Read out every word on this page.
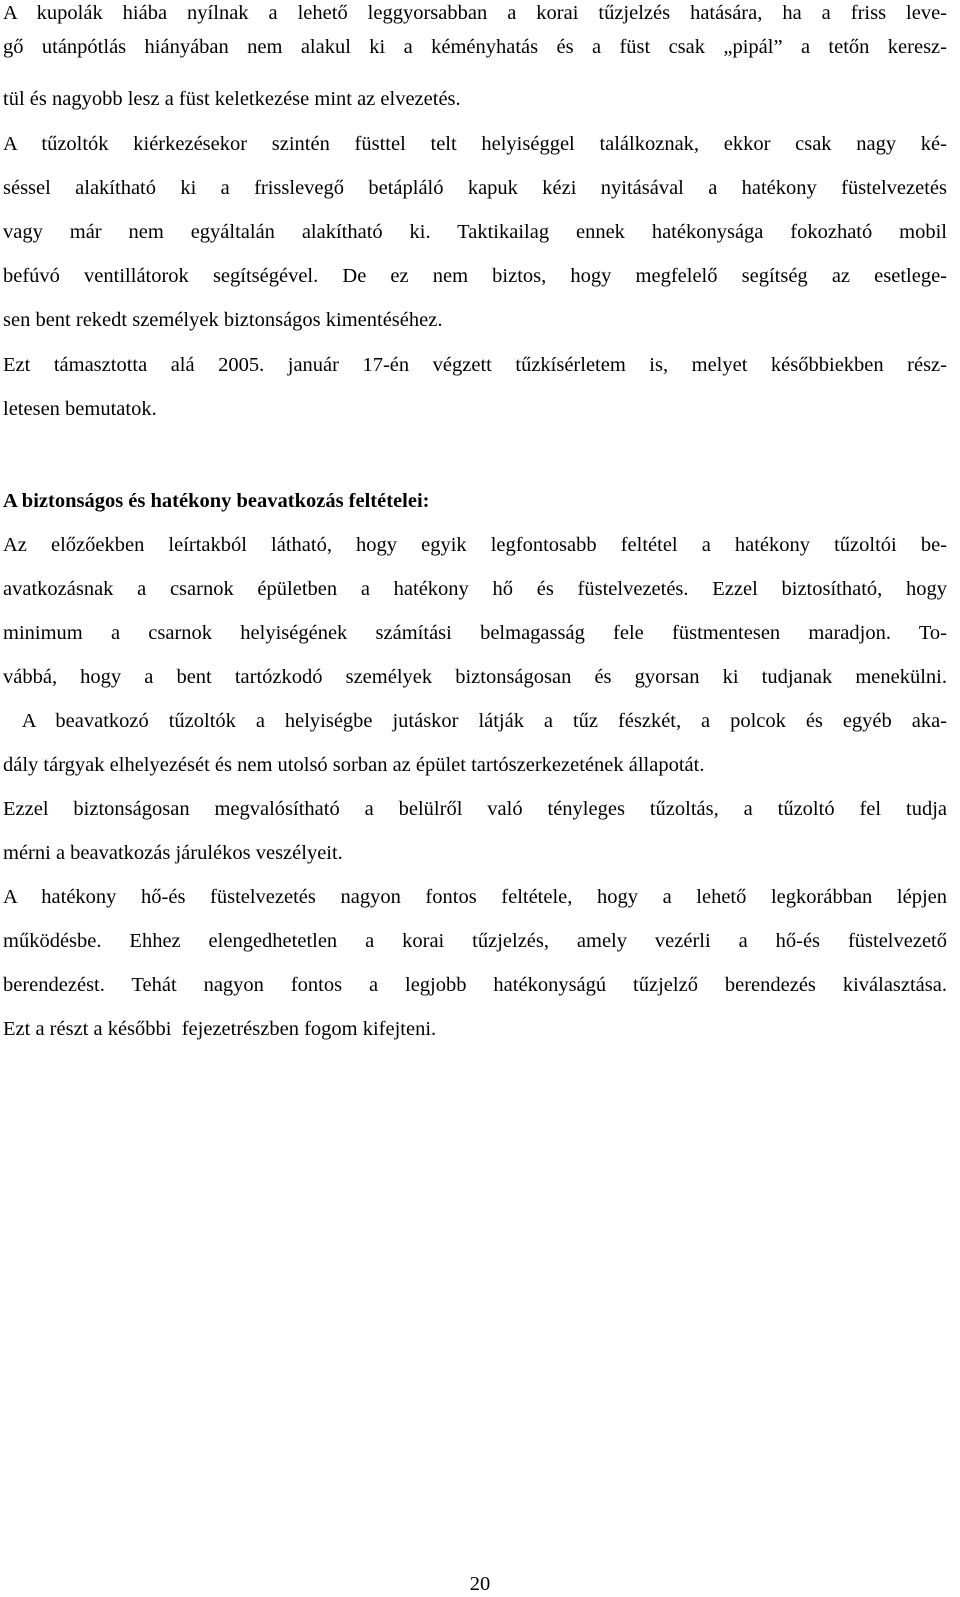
A kupolák hiába nyílnak a lehető leggyorsabban a korai tűzjelzés hatására, ha a friss leve-
gő utánpótlás hiányában nem alakul ki a kéményhatás és a füst csak „pipál” a tetőn keresz-
tül és nagyobb lesz a füst keletkezése mint az elvezetés.
A tűzoltók kiérkezésekor szintén füsttel telt helyiséggel találkoznak, ekkor csak nagy ké-
séssel alakítható ki a frisslevegő betápláló kapuk kézi nyitásával a hatékony füstelvezetés
vagy már nem egyáltalán alakítható ki. Taktikailag ennek hatékonysága fokozható mobil
befúvó ventillátorok segítségével. De ez nem biztos, hogy megfelelő segítség az esetlege-
sen bent rekedt személyek biztonságos kimentéséhez.
Ezt támasztotta alá 2005. január 17-én végzett tűzkísérletem is, melyet későbbiekben rész-
letesen bemutatok.
A biztonságos és hatékony beavatkozás feltételei:
Az előzőekben leírtakból látható, hogy egyik legfontosabb feltétel a hatékony tűzoltói be-
avatkozásnak a csarnok épületben a hatékony hő és füstelvezetés. Ezzel biztosítható, hogy
minimum a csarnok helyiségének számítási belmagasság fele füstmentesen maradjon. To-
vábbá, hogy a bent tartózkodó személyek biztonságosan és gyorsan ki tudjanak menekülni.
A beavatkozó tűzoltók a helyiségbe jutáskor látják a tűz fészkét, a polcok és egyéb aka-
dály tárgyak elhelyezését és nem utolsó sorban az épület tartószerkezetének állapotát.
Ezzel biztonságosan megvalósítható a belülről való tényleges tűzoltás, a tűzoltó fel tudja
mérni a beavatkozás járulékos veszélyeit.
A hatékony hő-és füstelvezetés nagyon fontos feltétele, hogy a lehető legkorábban lépjen
működésbe. Ehhez elengedhetetlen a korai tűzjelzés, amely vezérli a hő-és füstelvezető
berendezést. Tehát nagyon fontos a legjobb hatékonyságú tűzjelző berendezés kiválasztása.
Ezt a részt a későbbi  fejezetrészben fogom kifejteni.
20
